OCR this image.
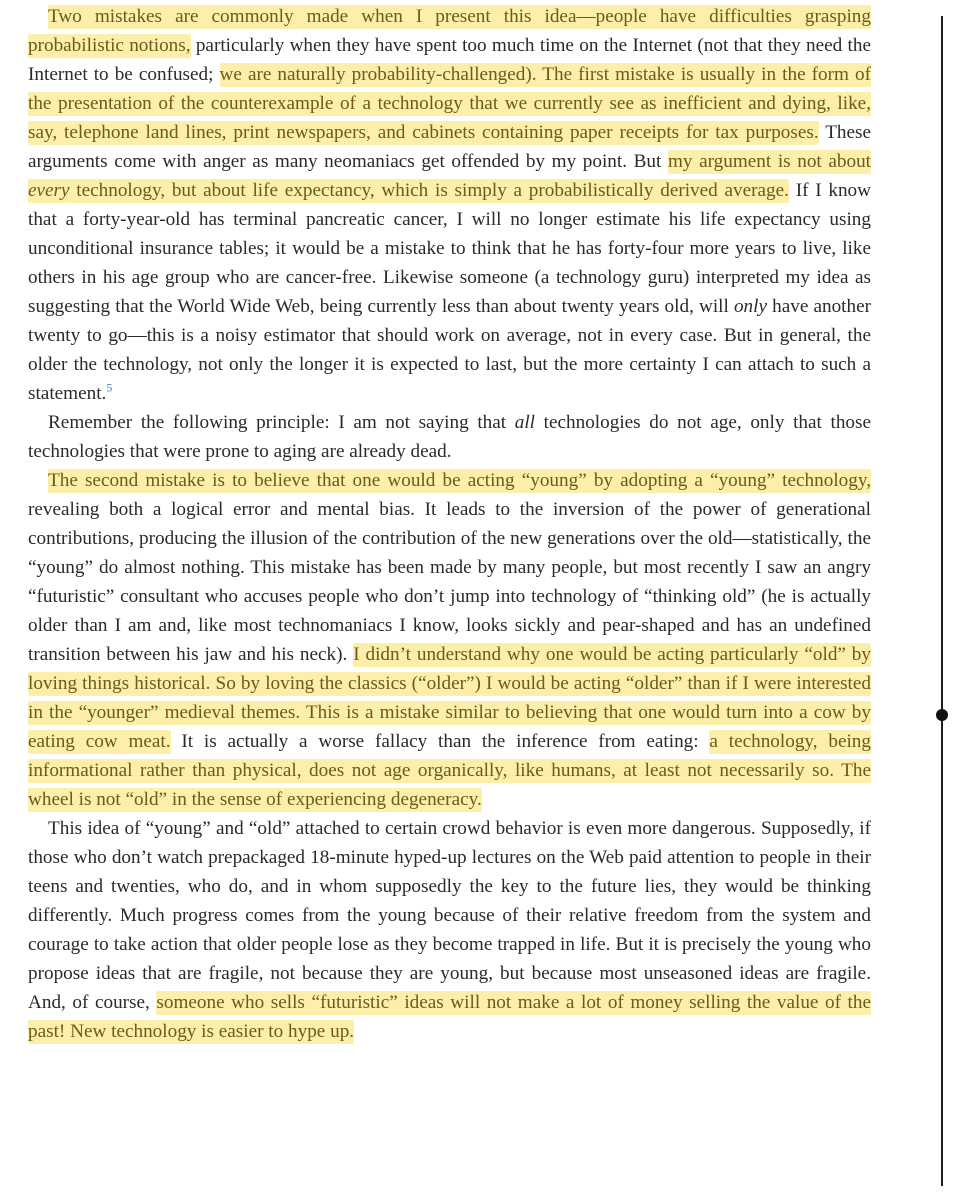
Two mistakes are commonly made when I present this idea—people have difficulties grasping probabilistic notions, particularly when they have spent too much time on the Internet (not that they need the Internet to be confused; we are naturally probability-challenged). The first mistake is usually in the form of the presentation of the counterexample of a technology that we currently see as inefficient and dying, like, say, telephone land lines, print newspapers, and cabinets containing paper receipts for tax purposes. These arguments come with anger as many neomaniacs get offended by my point. But my argument is not about every technology, but about life expectancy, which is simply a probabilistically derived average. If I know that a forty-year-old has terminal pancreatic cancer, I will no longer estimate his life expectancy using unconditional insurance tables; it would be a mistake to think that he has forty-four more years to live, like others in his age group who are cancer-free. Likewise someone (a technology guru) interpreted my idea as suggesting that the World Wide Web, being currently less than about twenty years old, will only have another twenty to go—this is a noisy estimator that should work on average, not in every case. But in general, the older the technology, not only the longer it is expected to last, but the more certainty I can attach to such a statement.$^5$

Remember the following principle: I am not saying that all technologies do not age, only that those technologies that were prone to aging are already dead.

The second mistake is to believe that one would be acting “young” by adopting a “young” technology, revealing both a logical error and mental bias. It leads to the inversion of the power of generational contributions, producing the illusion of the contribution of the new generations over the old—statistically, the “young” do almost nothing. This mistake has been made by many people, but most recently I saw an angry “futuristic” consultant who accuses people who don’t jump into technology of “thinking old” (he is actually older than I am and, like most technomaniacs I know, looks sickly and pear-shaped and has an undefined transition between his jaw and his neck). I didn’t understand why one would be acting particularly “old” by loving things historical. So by loving the classics (“older”) I would be acting “older” than if I were interested in the “younger” medieval themes. This is a mistake similar to believing that one would turn into a cow by eating cow meat. It is actually a worse fallacy than the inference from eating: a technology, being informational rather than physical, does not age organically, like humans, at least not necessarily so. The wheel is not “old” in the sense of experiencing degeneracy.

This idea of “young” and “old” attached to certain crowd behavior is even more dangerous. Supposedly, if those who don’t watch prepackaged 18-minute hyped-up lectures on the Web paid attention to people in their teens and twenties, who do, and in whom supposedly the key to the future lies, they would be thinking differently. Much progress comes from the young because of their relative freedom from the system and courage to take action that older people lose as they become trapped in life. But it is precisely the young who propose ideas that are fragile, not because they are young, but because most unseasoned ideas are fragile. And, of course, someone who sells “futuristic” ideas will not make a lot of money selling the value of the past! New technology is easier to hype up.
